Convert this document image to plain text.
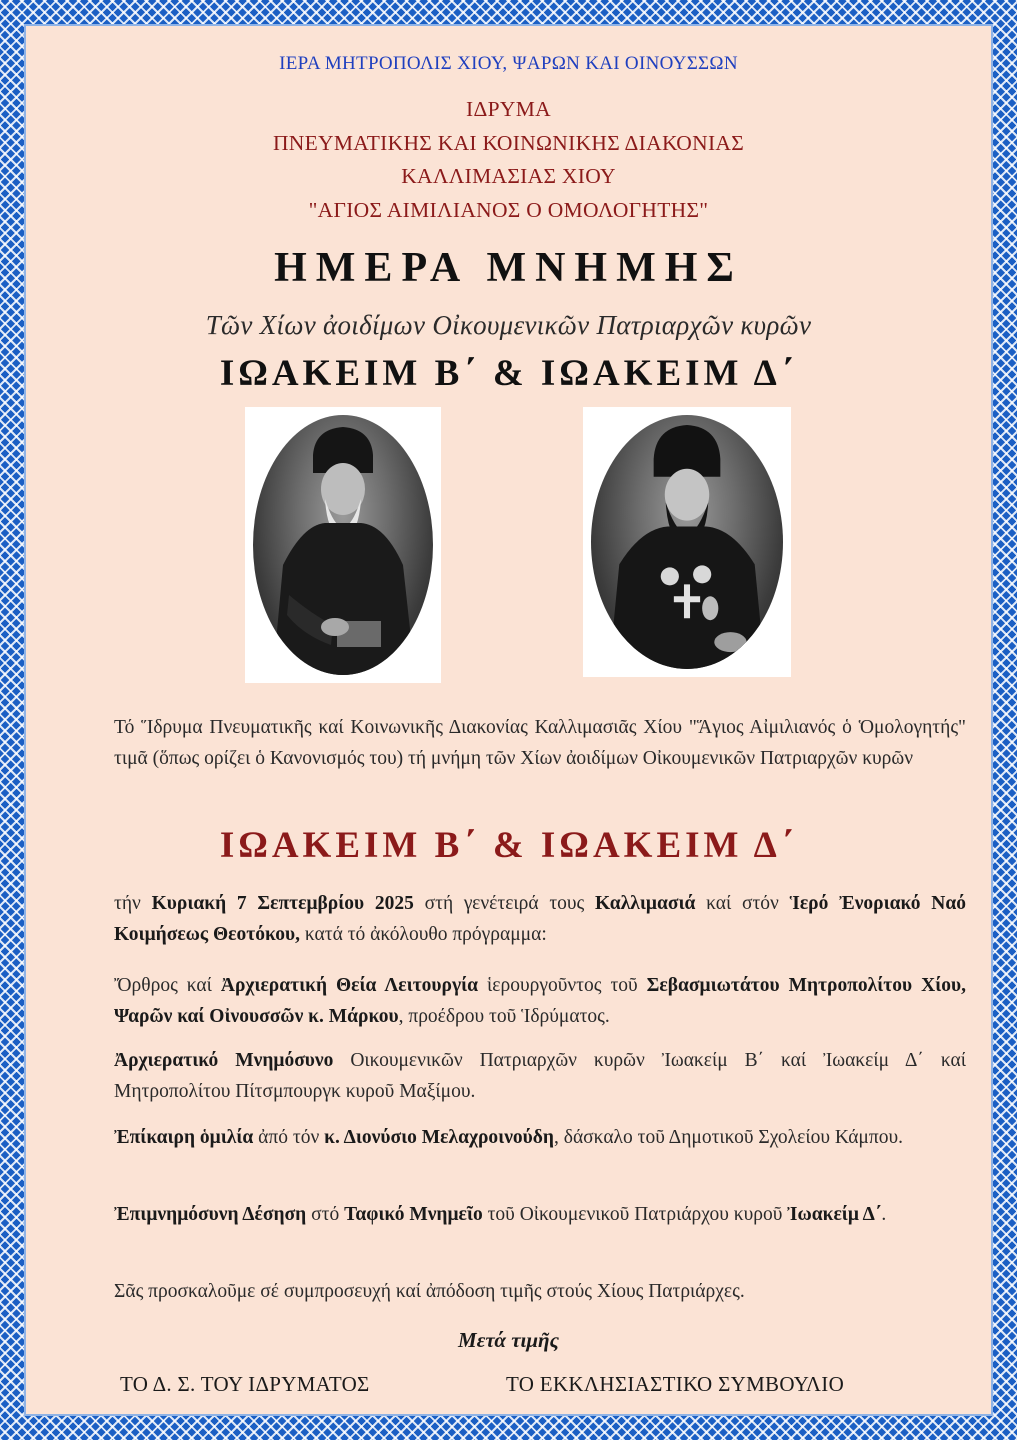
ΙΕΡΑ ΜΗΤΡΟΠΟΛΙΣ ΧΙΟΥ, ΨΑΡΩΝ ΚΑΙ ΟΙΝΟΥΣΣΩΝ
ΙΔΡΥΜΑ
ΠΝΕΥΜΑΤΙΚΗΣ ΚΑΙ ΚΟΙΝΩΝΙΚΗΣ ΔΙΑΚΟΝΙΑΣ
ΚΑΛΛΙΜΑΣΙΑΣ ΧΙΟΥ
"ΑΓΙΟΣ ΑΙΜΙΛΙΑΝΟΣ Ο ΟΜΟΛΟΓΗΤΗΣ"
ΗΜΕΡΑ ΜΝΗΜΗΣ
Τῶν Χίων ἀοιδίμων Οἰκουμενικῶν Πατριαρχῶν κυρῶν
ΙΩΑΚΕΙΜ Β΄ & ΙΩΑΚΕΙΜ Δ΄
Τό Ἵδρυμα Πνευματικῆς καί Κοινωνικῆς Διακονίας Καλλιμασιᾶς Χίου "Ἅγιος Αἰμιλιανός ὁ Ὁμολογητής" τιμᾶ (ὅπως ορίζει ὁ Κανονισμός του) τή μνήμη τῶν Χίων ἀοιδίμων Οἰκουμενικῶν Πατριαρχῶν κυρῶν
ΙΩΑΚΕΙΜ Β΄ & ΙΩΑΚΕΙΜ Δ΄
τήν Κυριακή 7 Σεπτεμβρίου 2025 στή γενέτειρά τους Καλλιμασιά καί στόν Ἱερό Ἐνοριακό Ναό Κοιμήσεως Θεοτόκου, κατά τό ἀκόλουθο πρόγραμμα:
Ὄρθρος καί Ἀρχιερατική Θεία Λειτουργία ἱερουργοῦντος τοῦ Σεβασμιωτάτου Μητροπολίτου Χίου, Ψαρῶν καί Οἰνουσσῶν κ. Μάρκου, προέδρου τοῦ Ἱδρύματος.
Ἀρχιερατικό Μνημόσυνο Οικουμενικῶν Πατριαρχῶν κυρῶν Ἰωακείμ Β΄ καί Ἰωακείμ Δ΄ καί Μητροπολίτου Πίτσμπουργκ κυροῦ Μαξίμου.
Ἐπίκαιρη ὁμιλία ἀπό τόν κ. Διονύσιο Μελαχροινούδη, δάσκαλο τοῦ Δημοτικοῦ Σχολείου Κάμπου.
Ἐπιμνημόσυνη Δέσηση στό Ταφικό Μνημεῖο τοῦ Οἰκουμενικοῦ Πατριάρχου κυροῦ Ἰωακείμ Δ΄.
Σᾶς προσκαλοῦμε σέ συμπροσευχή καί ἀπόδοση τιμῆς στούς Χίους Πατριάρχες.
Μετά τιμῆς
ΤΟ Δ. Σ. ΤΟΥ ΙΔΡΥΜΑΤΟΣ	ΤΟ ΕΚΚΛΗΣΙΑΣΤΙΚΟ ΣΥΜΒΟΥΛΙΟ
